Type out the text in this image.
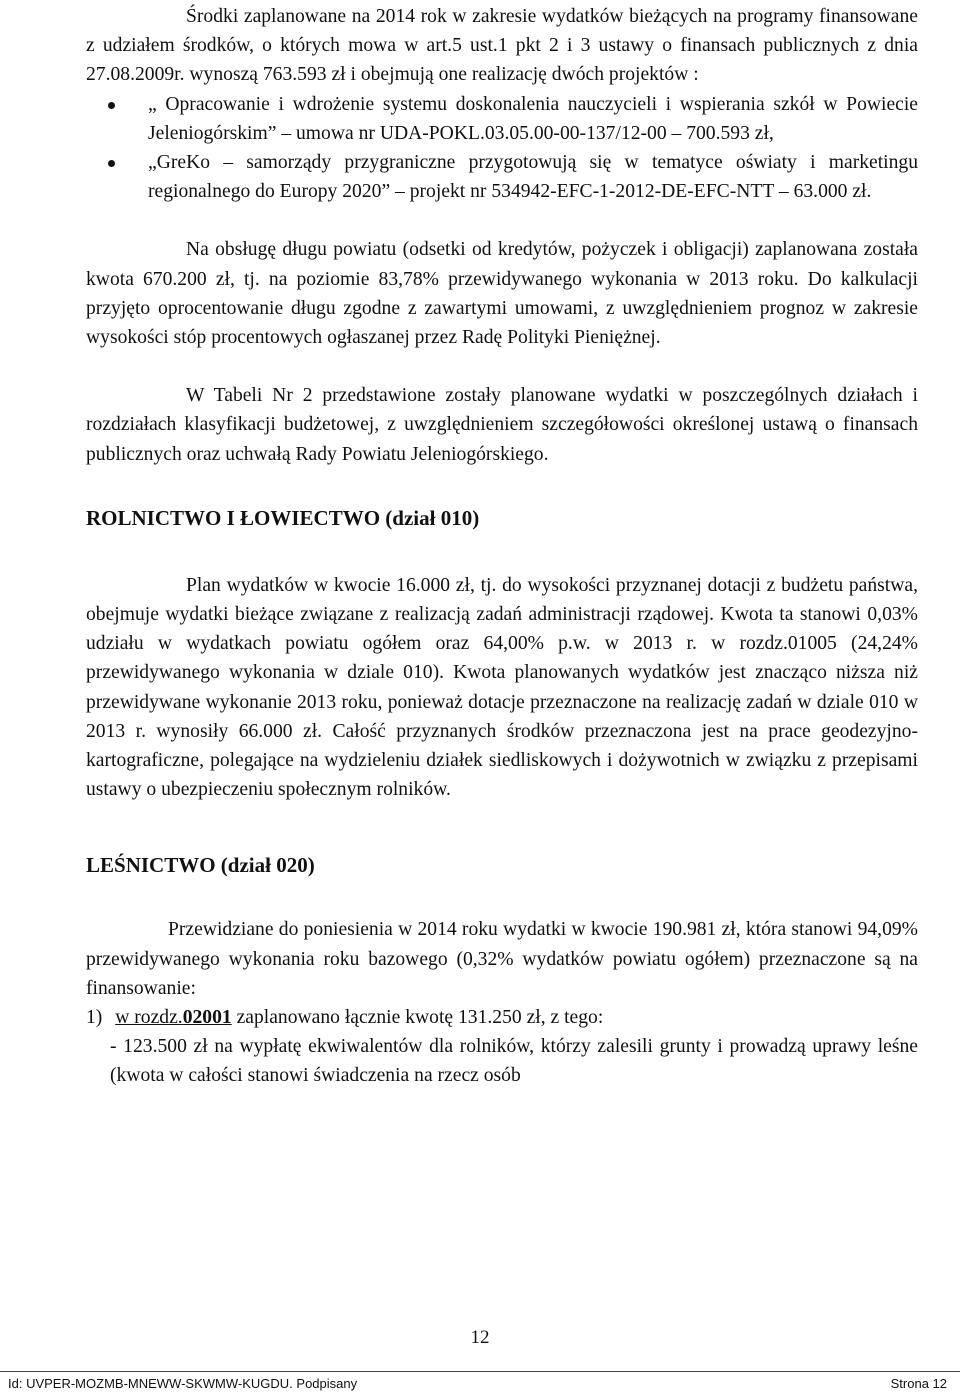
Środki zaplanowane na 2014 rok w zakresie wydatków bieżących na programy finansowane z udziałem środków, o których mowa w art.5 ust.1 pkt 2 i 3 ustawy o finansach publicznych z dnia 27.08.2009r. wynoszą 763.593 zł i obejmują one realizację dwóch projektów :

„ Opracowanie i wdrożenie systemu doskonalenia nauczycieli i wspierania szkół w Powiecie Jeleniogórskim” – umowa nr UDA-POKL.03.05.00-00-137/12-00 – 700.593 zł,
„GreKo – samorządy przygraniczne przygotowują się w tematyce oświaty i marketingu regionalnego do Europy 2020” – projekt nr 534942-EFC-1-2012-DE-EFC-NTT – 63.000 zł.

Na obsługę długu powiatu (odsetki od kredytów, pożyczek i obligacji) zaplanowana została kwota 670.200 zł, tj. na poziomie 83,78% przewidywanego wykonania w 2013 roku. Do kalkulacji przyjęto oprocentowanie długu zgodne z zawartymi umowami, z uwzględnieniem prognoz w zakresie wysokości stóp procentowych ogłaszanej przez Radę Polityki Pieniężnej.

W Tabeli Nr 2 przedstawione zostały planowane wydatki w poszczególnych działach i rozdziałach klasyfikacji budżetowej, z uwzględnieniem szczegółowości określonej ustawą o finansach publicznych oraz uchwałą Rady Powiatu Jeleniogórskiego.

ROLNICTWO I ŁOWIECTWO (dział 010)

Plan wydatków w kwocie 16.000 zł, tj. do wysokości przyznanej dotacji z budżetu państwa, obejmuje wydatki bieżące związane z realizacją zadań administracji rządowej. Kwota ta stanowi 0,03% udziału w wydatkach powiatu ogółem oraz 64,00% p.w. w 2013 r. w rozdz.01005 (24,24% przewidywanego wykonania w dziale 010). Kwota planowanych wydatków jest znacząco niższa niż przewidywane wykonanie 2013 roku, ponieważ dotacje przeznaczone na realizację zadań w dziale 010 w 2013 r. wynosiły 66.000 zł. Całość przyznanych środków przeznaczona jest na prace geodezyjno-kartograficzne, polegające na wydzieleniu działek siedliskowych i dożywotnich w związku z przepisami ustawy o ubezpieczeniu społecznym rolników.

LEŚNICTWO (dział 020)

Przewidziane do poniesienia w 2014 roku wydatki w kwocie 190.981 zł, która stanowi 94,09% przewidywanego wykonania roku bazowego (0,32% wydatków powiatu ogółem) przeznaczone są na finansowanie:

1) w rozdz.02001 zaplanowano łącznie kwotę 131.250 zł, z tego:

- 123.500 zł na wypłatę ekwiwalentów dla rolników, którzy zalesili grunty i prowadzą uprawy leśne (kwota w całości stanowi świadczenia na rzecz osób

12
Id: UVPER-MOZMB-MNEWW-SKWMW-KUGDU. Podpisany	Strona 12
